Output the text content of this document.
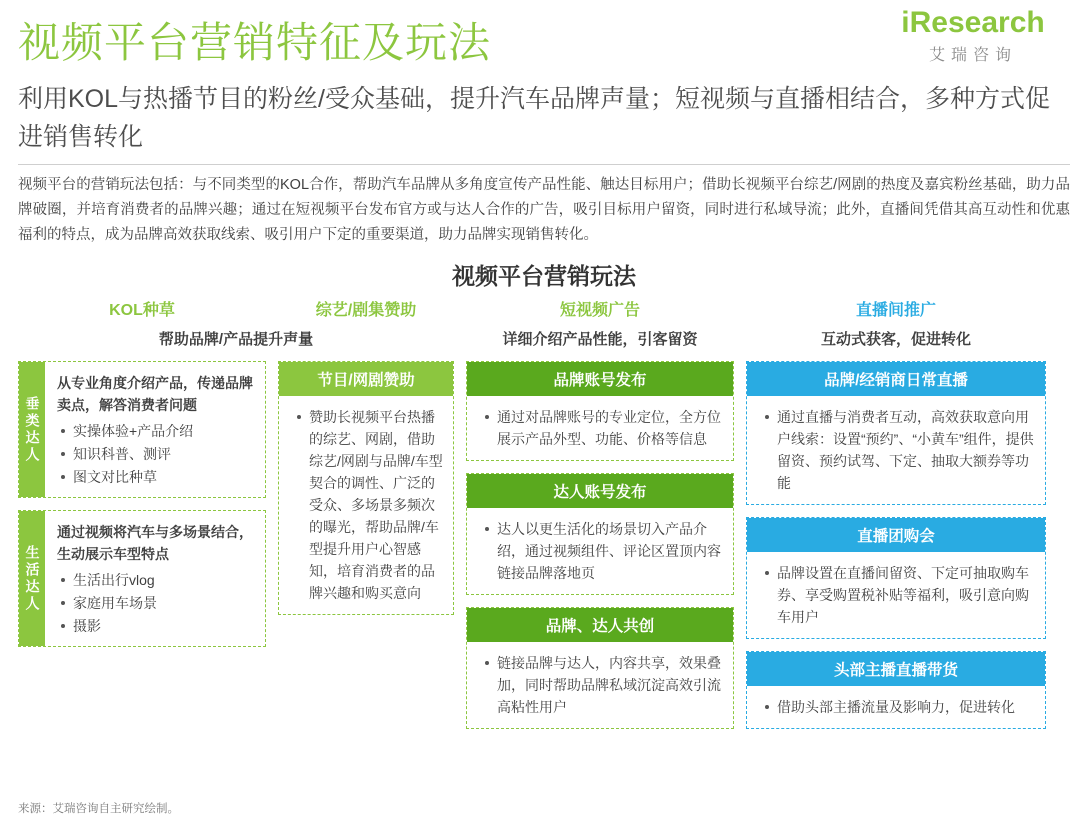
视频平台营销特征及玩法	iResearch
艾瑞咨询
利用KOL与热播节目的粉丝/受众基础，提升汽车品牌声量；短视频与直播相结合，多种方式促进销售转化
视频平台的营销玩法包括：与不同类型的KOL合作，帮助汽车品牌从多角度宣传产品性能、触达目标用户；借助长视频平台综艺/网剧的热度及嘉宾粉丝基础，助力品牌破圈，并培育消费者的品牌兴趣；通过在短视频平台发布官方或与达人合作的广告，吸引目标用户留资，同时进行私域导流；此外，直播间凭借其高互动性和优惠福利的特点，成为品牌高效获取线索、吸引用户下定的重要渠道，助力品牌实现销售转化。
视频平台营销玩法
KOL种草	综艺/剧集赞助	短视频广告	直播间推广
帮助品牌/产品提升声量	详细介绍产品性能，引客留资	互动式获客，促进转化
垂类达人
从专业角度介绍产品，传递品牌卖点，解答消费者问题
实操体验+产品介绍
知识科普、测评
图文对比种草
生活达人
通过视频将汽车与多场景结合，生动展示车型特点
生活出行vlog
家庭用车场景
摄影
节目/网剧赞助
赞助长视频平台热播的综艺、网剧，借助综艺/网剧与品牌/车型契合的调性、广泛的受众、多场景多频次的曝光，帮助品牌/车型提升用户心智感知，培育消费者的品牌兴趣和购买意向
品牌账号发布
通过对品牌账号的专业定位，全方位展示产品外型、功能、价格等信息
达人账号发布
达人以更生活化的场景切入产品介绍，通过视频组件、评论区置顶内容链接品牌落地页
品牌、达人共创
链接品牌与达人，内容共享，效果叠加，同时帮助品牌私域沉淀高效引流高粘性用户
品牌/经销商日常直播
通过直播与消费者互动，高效获取意向用户线索：设置“预约”、“小黄车”组件，提供留资、预约试驾、下定、抽取大额券等功能
直播团购会
品牌设置在直播间留资、下定可抽取购车券、享受购置税补贴等福利，吸引意向购车用户
头部主播直播带货
借助头部主播流量及影响力，促进转化
来源：艾瑞咨询自主研究绘制。
